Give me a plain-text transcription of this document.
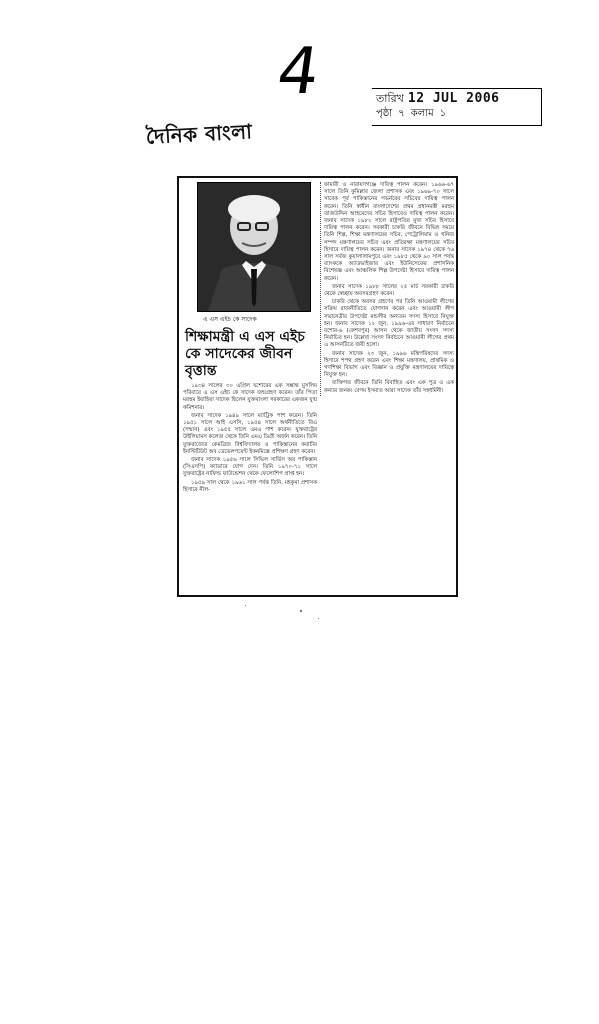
4	তারিখ 12 JUL 2006
পৃষ্ঠা ৭ কলাম ১
দৈনিক বাংলা
এ এস এইচ কে সাদেক
শিক্ষামন্ত্রী এ এস এইচ কে সাদেকের জীবন বৃত্তান্ত

১৯৩৪ সালের ৩০ এপ্রিল যশোরের এক সম্ভ্রান্ত মুসলিম পরিবারে এ এস এইচ কে সাদেক জন্মগ্রহণ করেন। তাঁর পিতা মরহুম ইয়াহিয়া সাদেক ছিলেন যুক্তবাংলা সরকারের একজন যুগ্ম কমিশনার।

জনাব সাদেক ১৯৪৯ সালে ম্যাট্রিক পাশ করেন। তিনি ১৯৫১ সালে আই এসসি, ১৯৫৪ সালে অর্থনীতিতে বিএ (সম্মান) এবং ১৯৫৫ সালে এমএ পাশ করেন। যুক্তরাষ্ট্রের উইলিয়ামস কলেজ থেকে তিনি এমএ ডিগ্রী অর্জন করেন। তিনি যুক্তরাজ্যের কেমব্রিজ বিশ্ববিদ্যালয় ও পাকিস্তানের করাচীর ইনস্টিটিউট অব ডেভেলপমেন্ট ইকনমিক্সে প্রশিক্ষণ গ্রহণ করেন।

জনাব সাদেক ১৯৫৬ সালে সিভিল সার্ভিস অব পাকিস্তান (সিএসপি) ক্যাডারে যোগ দেন। তিনি ১৯৭০-৭১ সালে যুক্তরাষ্ট্রের নাফিল্ড ফাউন্ডেশন থেকে ফেলোশিপ প্রাপ্ত হন।

১৯৫৯ সাল থেকে ১৯৬১ সাল পর্যন্ত তিনি, মহকুমা প্রশাসক হিসাবে নীল-

ফামারী ও নারায়ণগঞ্জে দায়িত্ব পালন করেন। ১৯৬৬-৬৭ সালে তিনি কুমিল্লার জেলা প্রশাসক এবং ১৯৬৯-৭০ সালে সাবেক পূর্ব পাকিস্তানের গভর্নরের সচিবের দায়িত্ব পালন করেন। তিনি স্বাধীন বাংলাদেশের প্রথম প্রধানমন্ত্রী মরহুম তাজউদ্দিন আহমেদের সচিব হিসাবেও দায়িত্ব পালন করেন। জনাব সাদেক ১৯৮২ সালে রাষ্ট্রপতির মুখ্য সচিব হিসাবে দায়িত্ব পালন করেন। সরকারী চাকরি জীবনে বিভিন্ন সময়ে তিনি শিল্প, শিক্ষা মন্ত্রণালয়ের সচিব, পেট্রোলিয়াম ও খনিজ সম্পদ মন্ত্রণালয়ের সচিব এবং প্রতিরক্ষা মন্ত্রণালয়ের সচিব হিসাবে দায়িত্ব পালন করেন। জনাব সাদেক ১৯৭৪ থেকে ৭৬ সাল সর্বজ কুয়ালালামপুরে এবং ১৯৮৫ থেকে ৯০ সাল পর্যন্ত ব্যাংককে অ্যাডভাইজার এবং ইউনিসেফের প্রশাসনিক বিশেষজ্ঞ এবং আঞ্চলিক শিল্প উপদেষ্টা হিসাবে দায়িত্ব পালন করেন।

জনাব সাদেক ১৯৮৮ সালের ২৫ মার্চ সরকারী চাকরি থেকে স্বেচ্ছায় অবসরগ্রহণ করেন।

চাকরি থেকে অবসর গ্রহণের পর তিনি আওয়ামী লীগের সক্রিয় রাজনীতিতে যোগদান করেন এবং আওয়ামী লীগ সভানেত্রীর উপদেষ্টা মন্ডলীর অন্যতম সদস্য হিসাবে নিযুক্ত হন। জনাব সাদেক ১২ জুন, ১৯৯৬-এর সাধারণ নির্বাচনে যশোর-৬ (কেশবপুর) আসন থেকে জাতীয় সংসদ সদস্য নির্বাচিত হন। উল্লেখ্য সংসদ নির্বাচনে আওয়ামী লীগের প্রথম এ আসনটিতে জয়ী হলো।

জনাব সাদেক ২৩ জুন, ১৯৯৬ মন্ত্রিপরিষদের সদস্য হিসাবে শপথ গ্রহণ করেন এবং শিক্ষা মন্ত্রণালয়, প্রাথমিক ও গণশিক্ষা বিভাগ এবং বিজ্ঞান ও প্রযুক্তি মন্ত্রণালয়ের দায়িত্বে নিযুক্ত হন।

ব্যক্তিগত জীবনে তিনি বিবাহিত এবং এক পুত্র ও এক কন্যার জনক। বেগম ইসমাত আরা সাদেক তাঁর সহধর্মিনী।
